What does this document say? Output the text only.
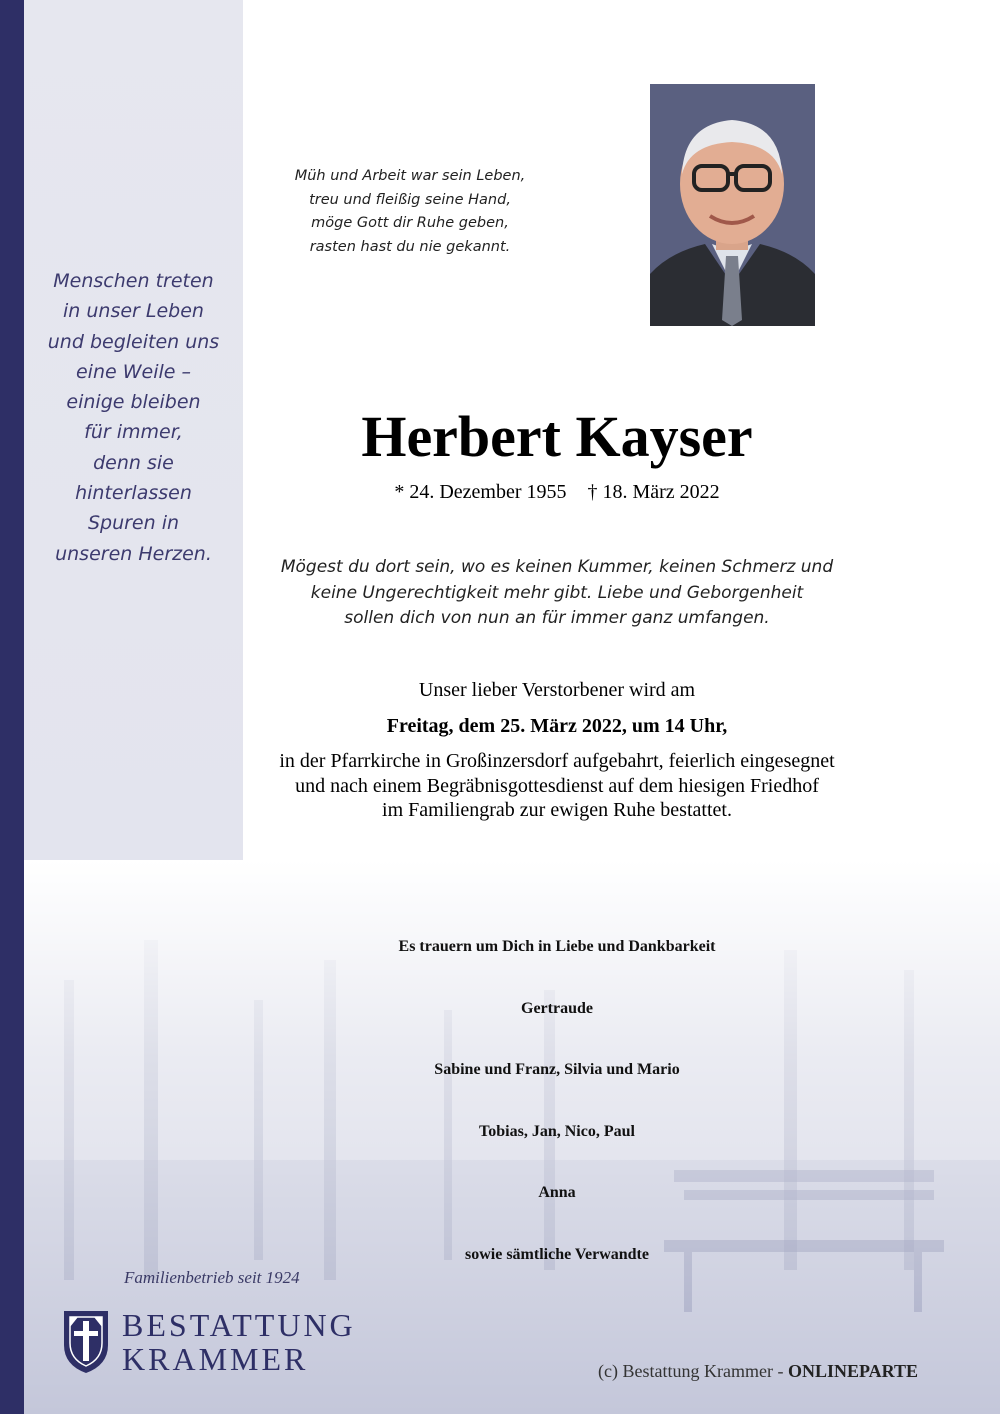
Menschen treten
in unser Leben
und begleiten uns
eine Weile –
einige bleiben
für immer,
denn sie
hinterlassen
Spuren in
unseren Herzen.
Müh und Arbeit war sein Leben,
treu und fleißig seine Hand,
möge Gott dir Ruhe geben,
rasten hast du nie gekannt.
Herbert Kayser
* 24. Dezember 1955 † 18. März 2022
Mögest du dort sein, wo es keinen Kummer, keinen Schmerz und
keine Ungerechtigkeit mehr gibt. Liebe und Geborgenheit
sollen dich von nun an für immer ganz umfangen.
Unser lieber Verstorbener wird am
Freitag, dem 25. März 2022, um 14 Uhr,
in der Pfarrkirche in Großinzersdorf aufgebahrt, feierlich eingesegnet
und nach einem Begräbnisgottesdienst auf dem hiesigen Friedhof
im Familiengrab zur ewigen Ruhe bestattet.
Es trauern um Dich in Liebe und Dankbarkeit
Gertraude
Sabine und Franz, Silvia und Mario
Tobias, Jan, Nico, Paul
Anna
sowie sämtliche Verwandte
Familienbetrieb seit 1924
BESTATTUNG
KRAMMER	(c) Bestattung Krammer - ONLINEPARTE
